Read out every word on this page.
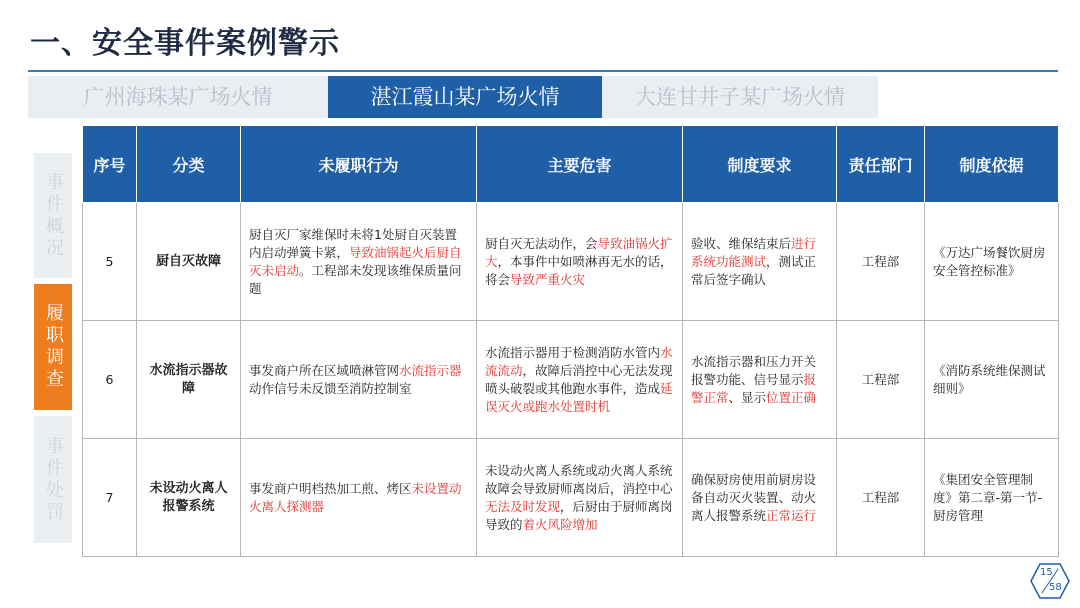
一、安全事件案例警示
广州海珠某广场火情	湛江霞山某广场火情	大连甘井子某广场火情
事件概况
履职调查
事件处罚
序号	分类	未履职行为	主要危害	制度要求	责任部门	制度依据
5	厨自灭故障	厨自灭厂家维保时未将1处厨自灭装置内启动弹簧卡紧，导致油锅起火后厨自灭未启动。工程部未发现该维保质量问题	厨自灭无法动作，会导致油锅火扩大，本事件中如喷淋再无水的话，将会导致严重火灾	验收、维保结束后进行系统功能测试，测试正常后签字确认	工程部	《万达广场餐饮厨房安全管控标准》
6	水流指示器故障	事发商户所在区域喷淋管网水流指示器动作信号未反馈至消防控制室	水流指示器用于检测消防水管内水流流动，故障后消控中心无法发现喷头破裂或其他跑水事件，造成延误灭火或跑水处置时机	水流指示器和压力开关报警功能、信号显示报警正常、显示位置正确	工程部	《消防系统维保测试细则》
7	未设动火离人报警系统	事发商户明档热加工煎、烤区未设置动火离人探测器	未设动火离人系统或动火离人系统故障会导致厨师离岗后，消控中心无法及时发现，后厨由于厨师离岗导致的着火风险增加	确保厨房使用前厨房设备自动灭火装置、动火离人报警系统正常运行	工程部	《集团安全管理制度》第二章-第一节-厨房管理
15
58
